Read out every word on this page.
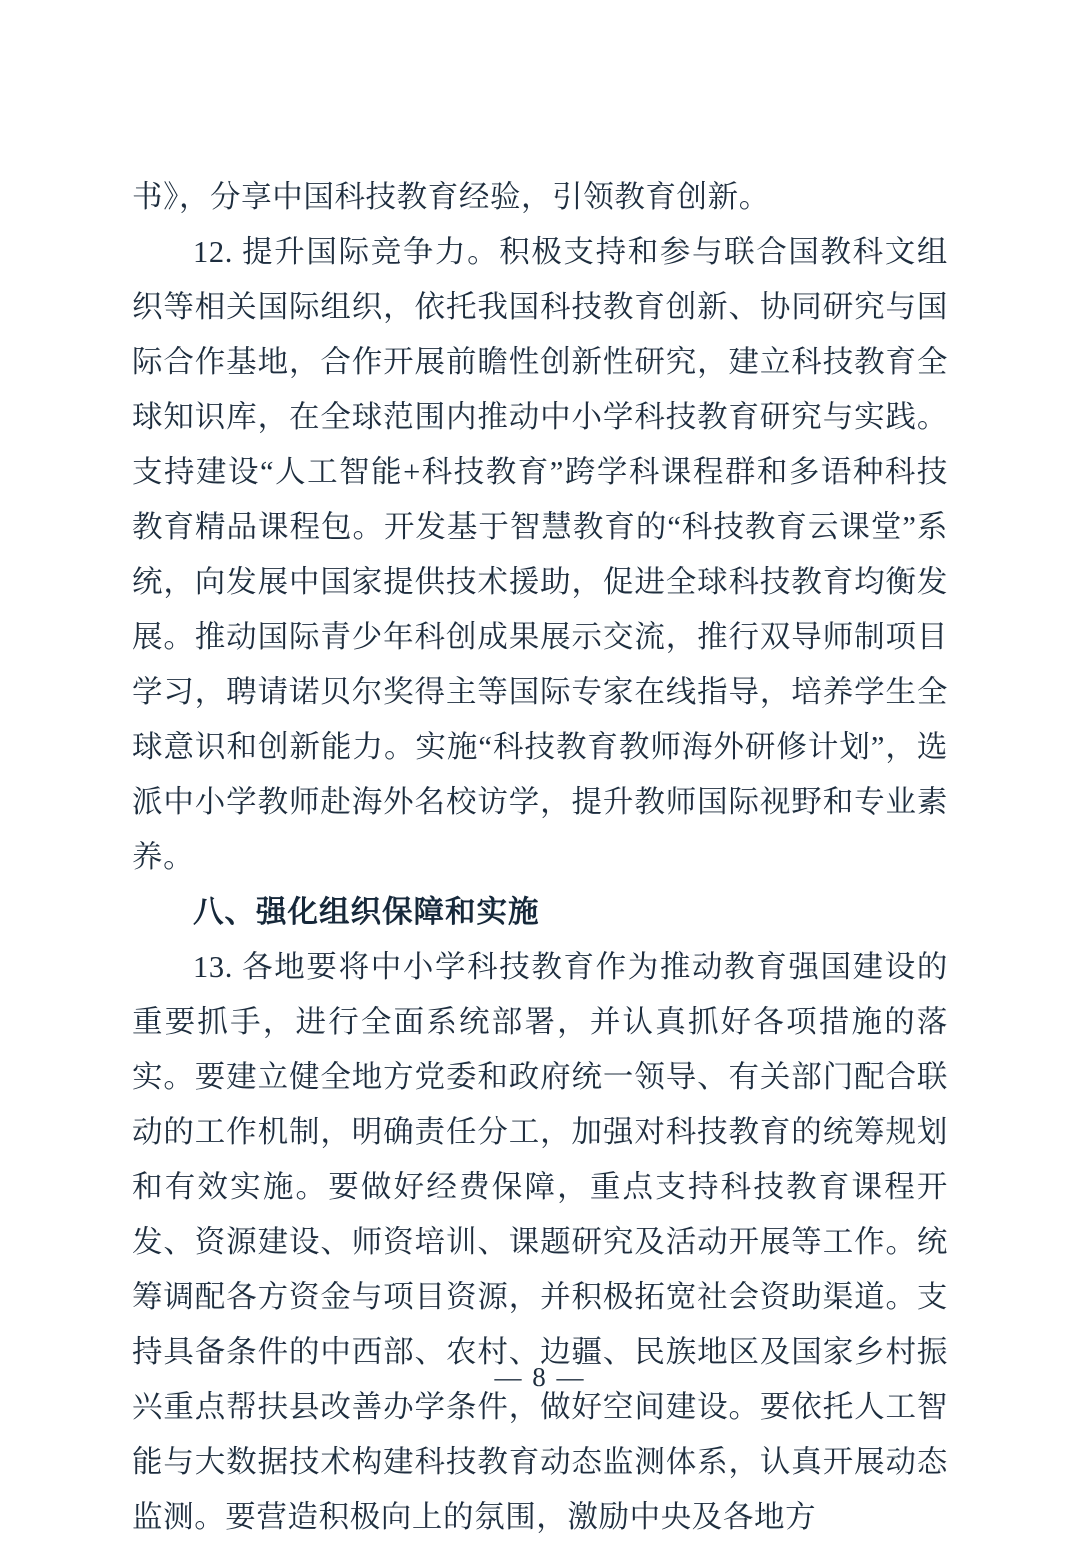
书》，分享中国科技教育经验，引领教育创新。

12. 提升国际竞争力。积极支持和参与联合国教科文组织等相关国际组织，依托我国科技教育创新、协同研究与国际合作基地，合作开展前瞻性创新性研究，建立科技教育全球知识库，在全球范围内推动中小学科技教育研究与实践。支持建设“人工智能+科技教育”跨学科课程群和多语种科技教育精品课程包。开发基于智慧教育的“科技教育云课堂”系统，向发展中国家提供技术援助，促进全球科技教育均衡发展。推动国际青少年科创成果展示交流，推行双导师制项目学习，聘请诺贝尔奖得主等国际专家在线指导，培养学生全球意识和创新能力。实施“科技教育教师海外研修计划”，选派中小学教师赴海外名校访学，提升教师国际视野和专业素养。

八、强化组织保障和实施

13. 各地要将中小学科技教育作为推动教育强国建设的重要抓手，进行全面系统部署，并认真抓好各项措施的落实。要建立健全地方党委和政府统一领导、有关部门配合联动的工作机制，明确责任分工，加强对科技教育的统筹规划和有效实施。要做好经费保障，重点支持科技教育课程开发、资源建设、师资培训、课题研究及活动开展等工作。统筹调配各方资金与项目资源，并积极拓宽社会资助渠道。支持具备条件的中西部、农村、边疆、民族地区及国家乡村振兴重点帮扶县改善办学条件，做好空间建设。要依托人工智能与大数据技术构建科技教育动态监测体系，认真开展动态监测。要营造积极向上的氛围，激励中央及各地方

— 8 —
